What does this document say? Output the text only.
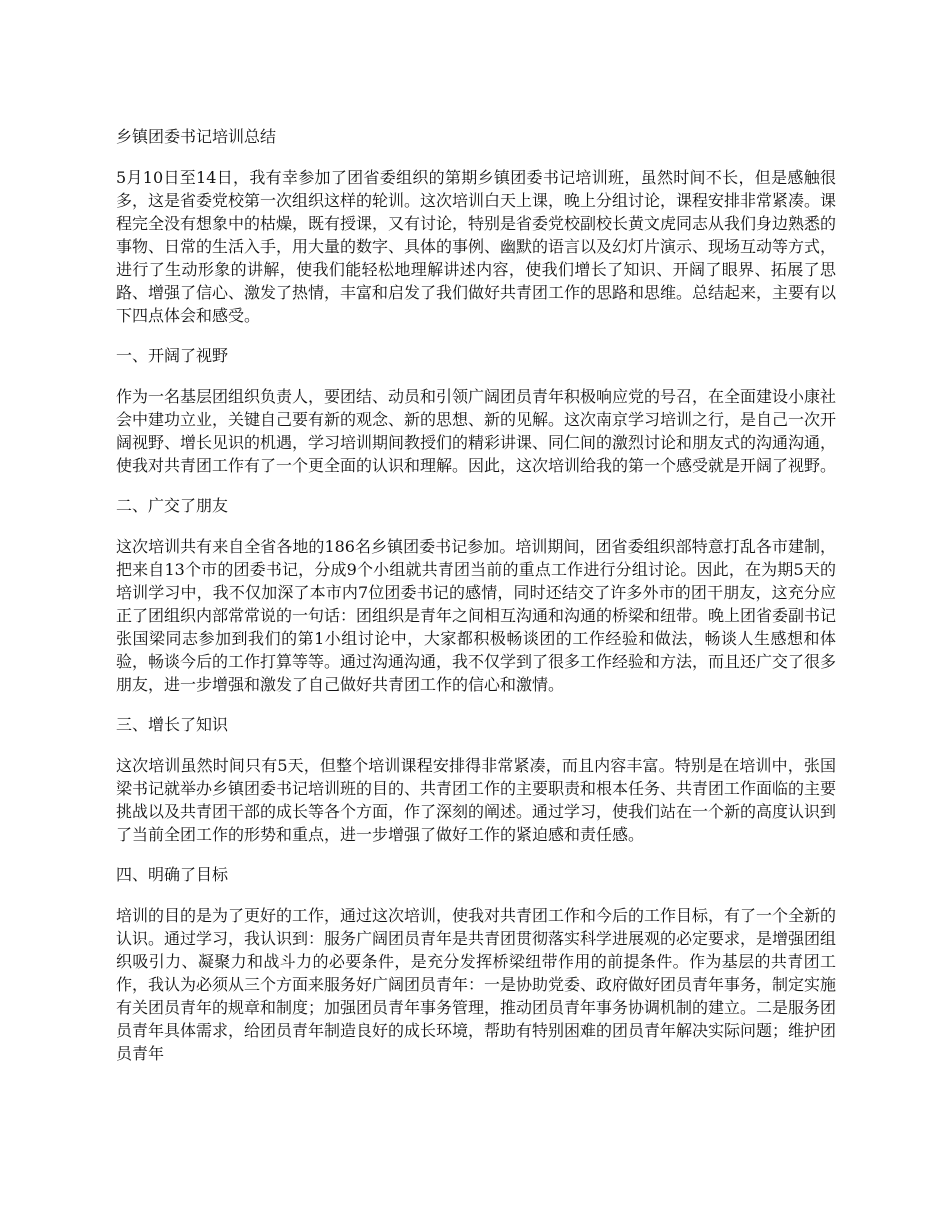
乡镇团委书记培训总结

5月10日至14日，我有幸参加了团省委组织的第期乡镇团委书记培训班，虽然时间不长，但是感触很多，这是省委党校第一次组织这样的轮训。这次培训白天上课，晚上分组讨论，课程安排非常紧凑。课程完全没有想象中的枯燥，既有授课，又有讨论，特别是省委党校副校长黄文虎同志从我们身边熟悉的事物、日常的生活入手，用大量的数字、具体的事例、幽默的语言以及幻灯片演示、现场互动等方式，进行了生动形象的讲解，使我们能轻松地理解讲述内容，使我们增长了知识、开阔了眼界、拓展了思路、增强了信心、激发了热情，丰富和启发了我们做好共青团工作的思路和思维。总结起来，主要有以下四点体会和感受。

一、开阔了视野

作为一名基层团组织负责人，要团结、动员和引领广阔团员青年积极响应党的号召，在全面建设小康社会中建功立业，关键自己要有新的观念、新的思想、新的见解。这次南京学习培训之行，是自己一次开阔视野、增长见识的机遇，学习培训期间教授们的精彩讲课、同仁间的激烈讨论和朋友式的沟通沟通，使我对共青团工作有了一个更全面的认识和理解。因此，这次培训给我的第一个感受就是开阔了视野。

二、广交了朋友

这次培训共有来自全省各地的186名乡镇团委书记参加。培训期间，团省委组织部特意打乱各市建制，把来自13个市的团委书记，分成9个小组就共青团当前的重点工作进行分组讨论。因此，在为期5天的培训学习中，我不仅加深了本市内7位团委书记的感情，同时还结交了许多外市的团干朋友，这充分应正了团组织内部常常说的一句话：团组织是青年之间相互沟通和沟通的桥梁和纽带。晚上团省委副书记张国梁同志参加到我们的第1小组讨论中，大家都积极畅谈团的工作经验和做法，畅谈人生感想和体验，畅谈今后的工作打算等等。通过沟通沟通，我不仅学到了很多工作经验和方法，而且还广交了很多朋友，进一步增强和激发了自己做好共青团工作的信心和激情。

三、增长了知识

这次培训虽然时间只有5天，但整个培训课程安排得非常紧凑，而且内容丰富。特别是在培训中，张国梁书记就举办乡镇团委书记培训班的目的、共青团工作的主要职责和根本任务、共青团工作面临的主要挑战以及共青团干部的成长等各个方面，作了深刻的阐述。通过学习，使我们站在一个新的高度认识到了当前全团工作的形势和重点，进一步增强了做好工作的紧迫感和责任感。

四、明确了目标

培训的目的是为了更好的工作，通过这次培训，使我对共青团工作和今后的工作目标，有了一个全新的认识。通过学习，我认识到：服务广阔团员青年是共青团贯彻落实科学进展观的必定要求，是增强团组织吸引力、凝聚力和战斗力的必要条件，是充分发挥桥梁纽带作用的前提条件。作为基层的共青团工作，我认为必须从三个方面来服务好广阔团员青年：一是协助党委、政府做好团员青年事务，制定实施有关团员青年的规章和制度；加强团员青年事务管理，推动团员青年事务协调机制的建立。二是服务团员青年具体需求，给团员青年制造良好的成长环境，帮助有特别困难的团员青年解决实际问题；维护团员青年
